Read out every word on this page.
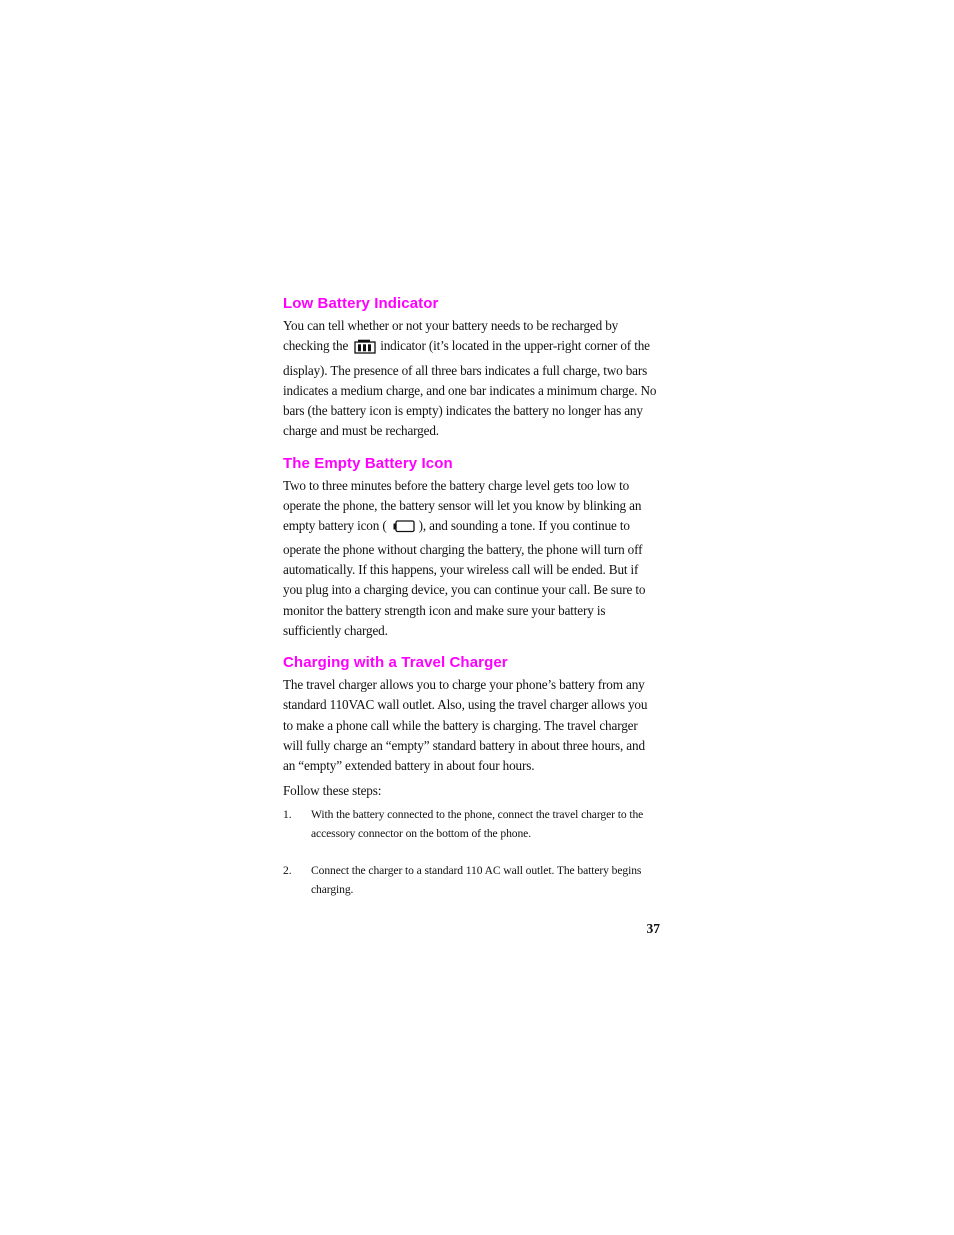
Low Battery Indicator

You can tell whether or not your battery needs to be recharged by checking the indicator (it’s located in the upper-right corner of the display). The presence of all three bars indicates a full charge, two bars indicates a medium charge, and one bar indicates a minimum charge. No bars (the battery icon is empty) indicates the battery no longer has any charge and must be recharged.

The Empty Battery Icon

Two to three minutes before the battery charge level gets too low to operate the phone, the battery sensor will let you know by blinking an empty battery icon ( ), and sounding a tone. If you continue to operate the phone without charging the battery, the phone will turn off automatically. If this happens, your wireless call will be ended. But if you plug into a charging device, you can continue your call. Be sure to monitor the battery strength icon and make sure your battery is sufficiently charged.

Charging with a Travel Charger

The travel charger allows you to charge your phone’s battery from any standard 110VAC wall outlet. Also, using the travel charger allows you to make a phone call while the battery is charging. The travel charger will fully charge an “empty” standard battery in about three hours, and an “empty” extended battery in about four hours.

Follow these steps:

1. With the battery connected to the phone, connect the travel charger to the accessory connector on the bottom of the phone.
2. Connect the charger to a standard 110 AC wall outlet. The battery begins charging.
37
